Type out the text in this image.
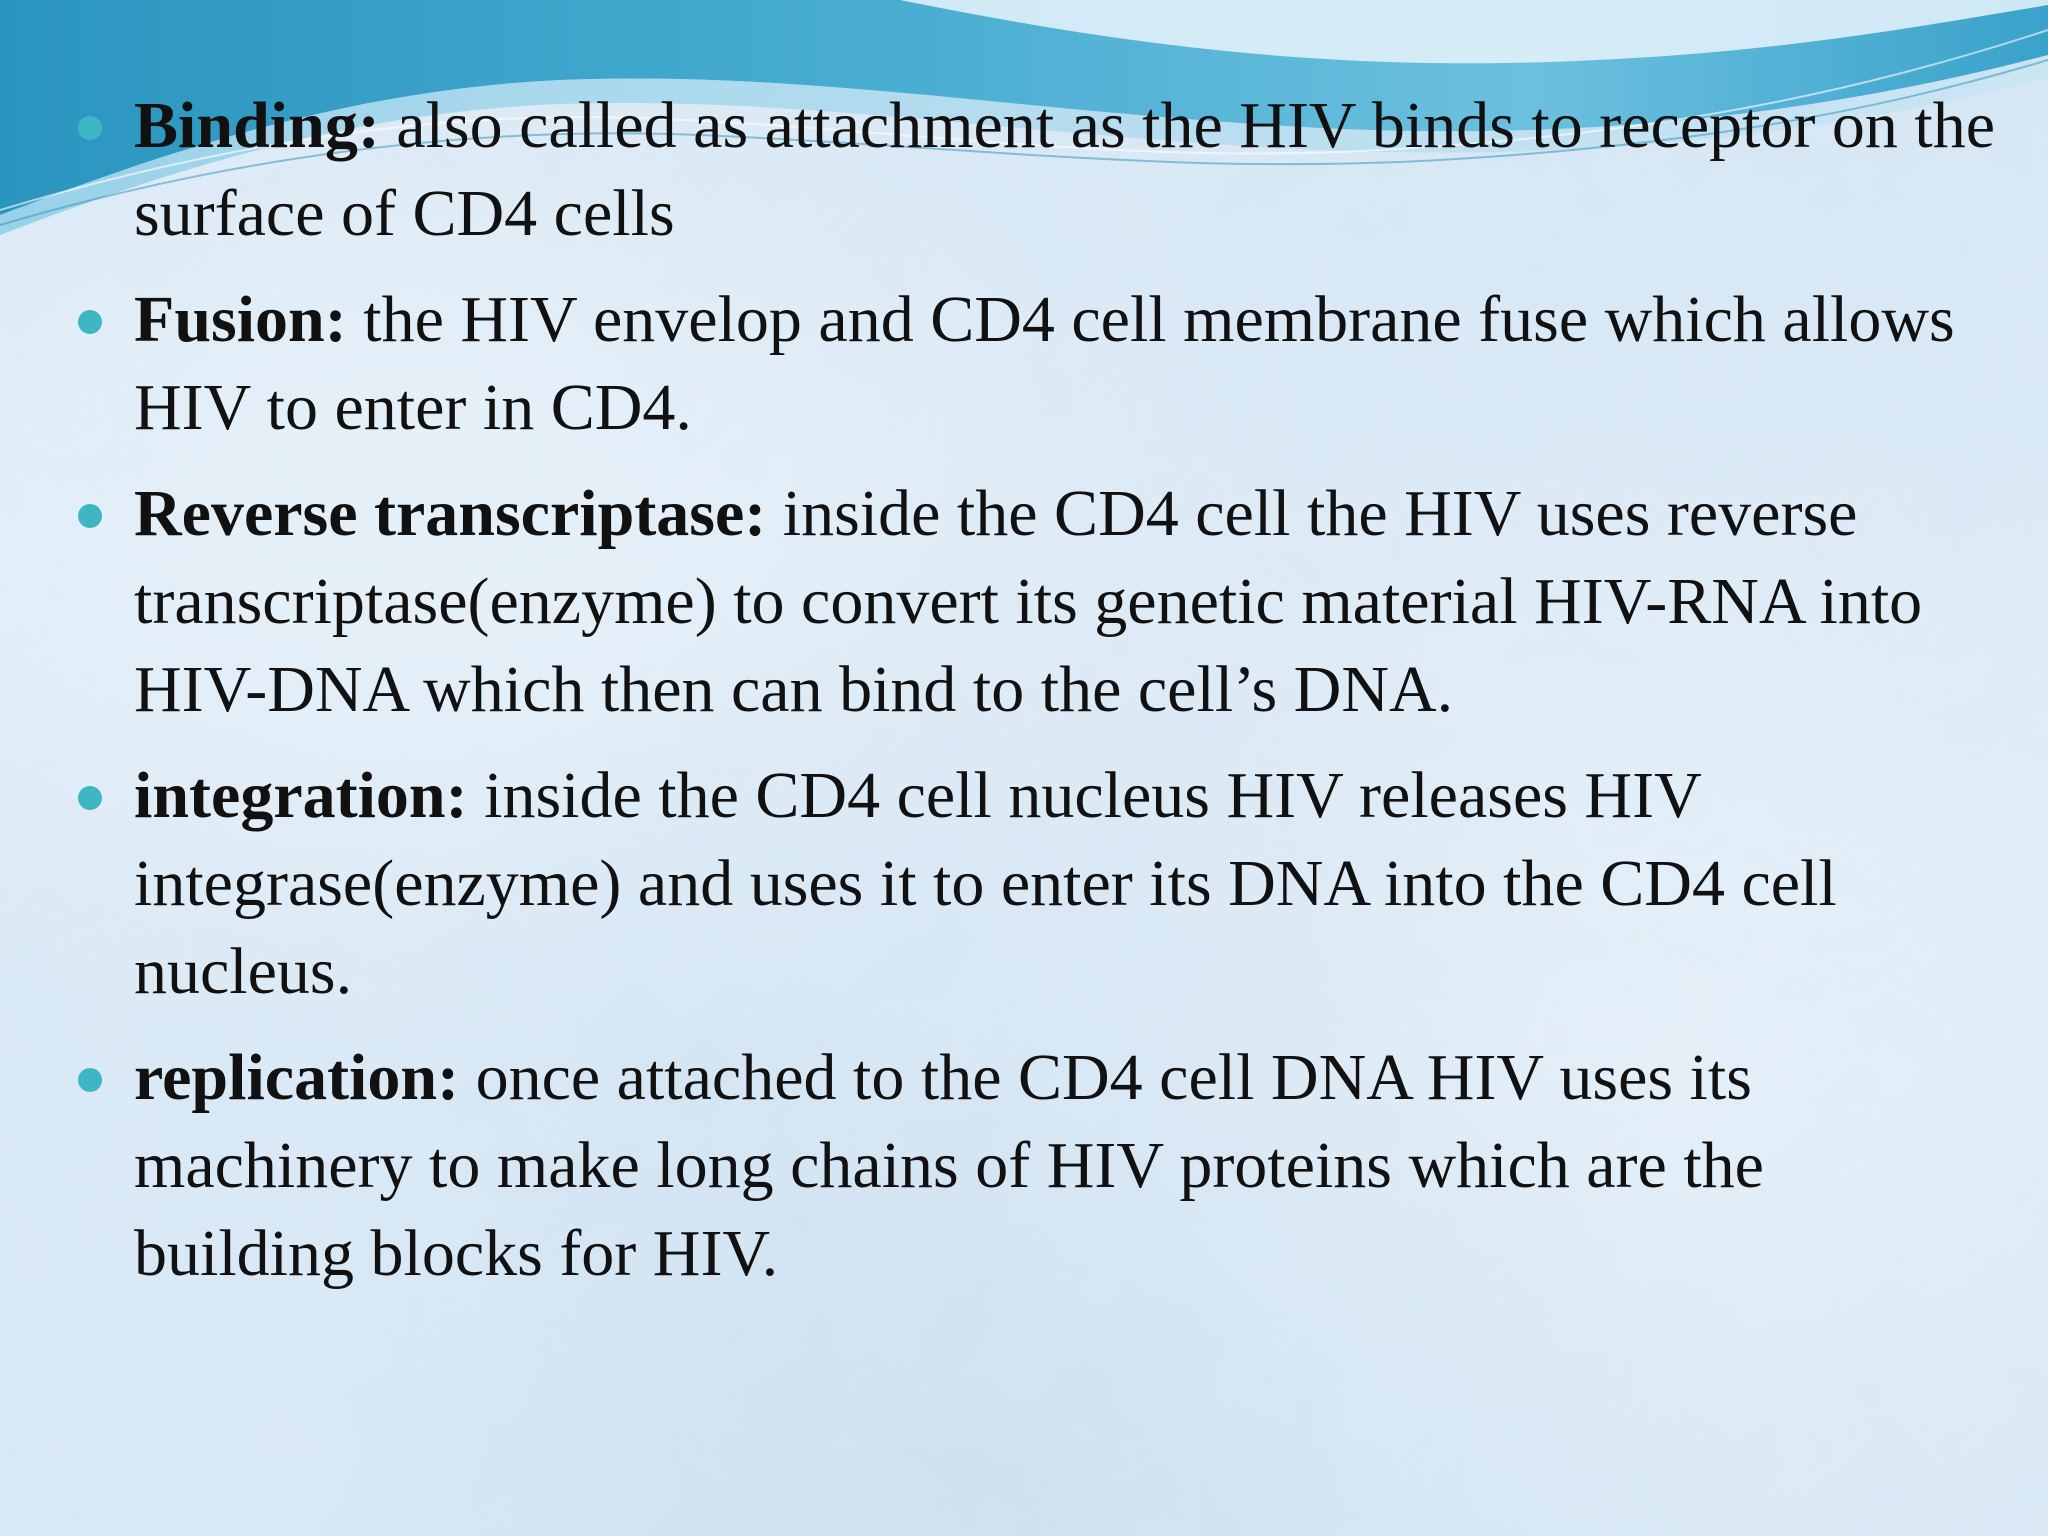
Binding: also called as attachment as the HIV binds to receptor on the surface of CD4 cells
Fusion: the HIV envelop and CD4 cell membrane fuse which allows HIV to enter in CD4.
Reverse transcriptase: inside the CD4 cell the HIV uses reverse transcriptase(enzyme) to convert its genetic material HIV-RNA into HIV-DNA which then can bind to the cell’s DNA.
integration: inside the CD4 cell nucleus HIV releases HIV integrase(enzyme) and uses it to enter its DNA into the CD4 cell nucleus.
replication: once attached to the CD4 cell DNA HIV uses its machinery to make long chains of HIV proteins which are the building blocks for HIV.
